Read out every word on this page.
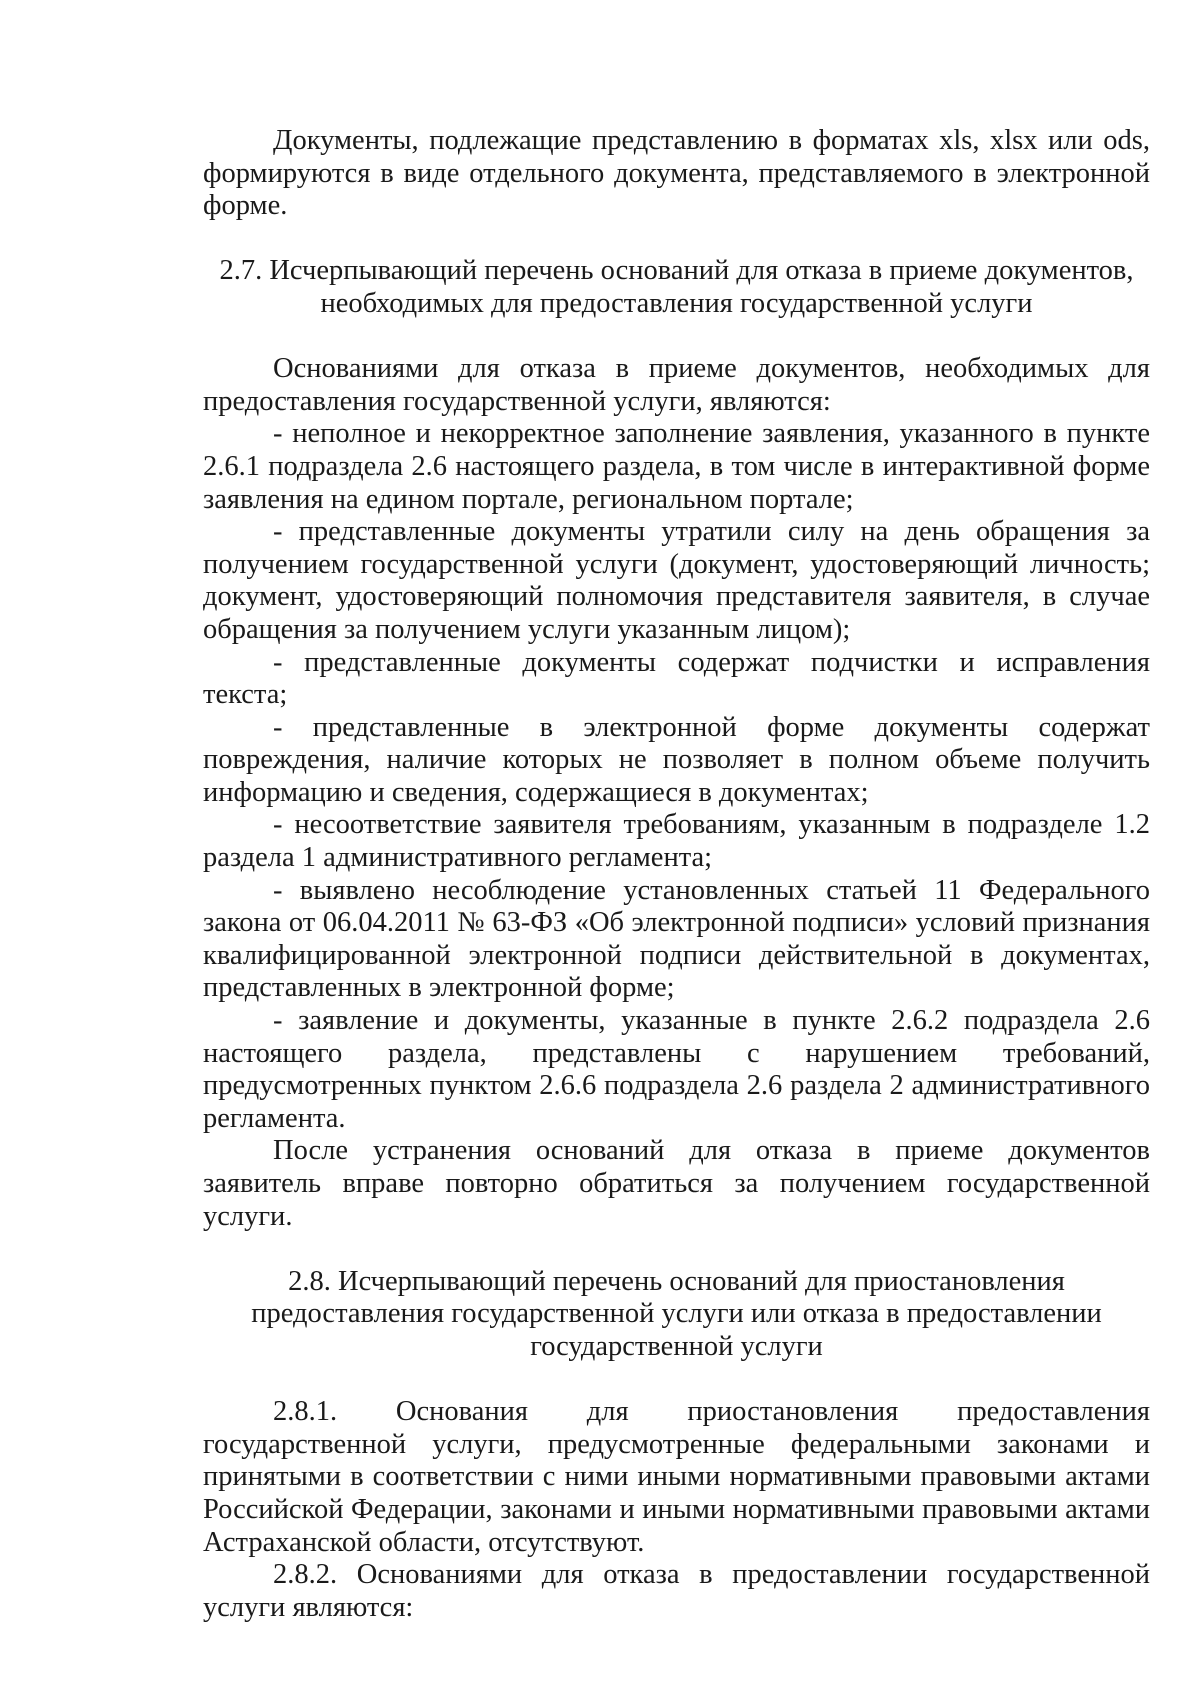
Документы, подлежащие представлению в форматах xls, xlsx или ods, формируются в виде отдельного документа, представляемого в электронной форме.

2.7. Исчерпывающий перечень оснований для отказа в приеме документов,

необходимых для предоставления государственной услуги

Основаниями для отказа в приеме документов, необходимых для предоставления государственной услуги, являются:

- неполное и некорректное заполнение заявления, указанного в пункте 2.6.1 подраздела 2.6 настоящего раздела, в том числе в интерактивной форме заявления на едином портале, региональном портале;

- представленные документы утратили силу на день обращения за получением государственной услуги (документ, удостоверяющий личность; документ, удостоверяющий полномочия представителя заявителя, в случае обращения за получением услуги указанным лицом);

- представленные документы содержат подчистки и исправления текста;

- представленные в электронной форме документы содержат повреждения, наличие которых не позволяет в полном объеме получить информацию и сведения, содержащиеся в документах;

- несоответствие заявителя требованиям, указанным в подразделе 1.2 раздела 1 административного регламента;

- выявлено несоблюдение установленных статьей 11 Федерального закона от 06.04.2011 № 63-ФЗ «Об электронной подписи» условий признания квалифицированной электронной подписи действительной в документах, представленных в электронной форме;

- заявление и документы, указанные в пункте 2.6.2 подраздела 2.6 настоящего раздела, представлены с нарушением требований, предусмотренных пунктом 2.6.6 подраздела 2.6 раздела 2 административного регламента.

После устранения оснований для отказа в приеме документов заявитель вправе повторно обратиться за получением государственной услуги.

2.8. Исчерпывающий перечень оснований для приостановления

предоставления государственной услуги или отказа в предоставлении

государственной услуги

2.8.1. Основания для приостановления предоставления государственной услуги, предусмотренные федеральными законами и принятыми в соответствии с ними иными нормативными правовыми актами Российской Федерации, законами и иными нормативными правовыми актами Астраханской области, отсутствуют.

2.8.2. Основаниями для отказа в предоставлении государственной услуги являются:
